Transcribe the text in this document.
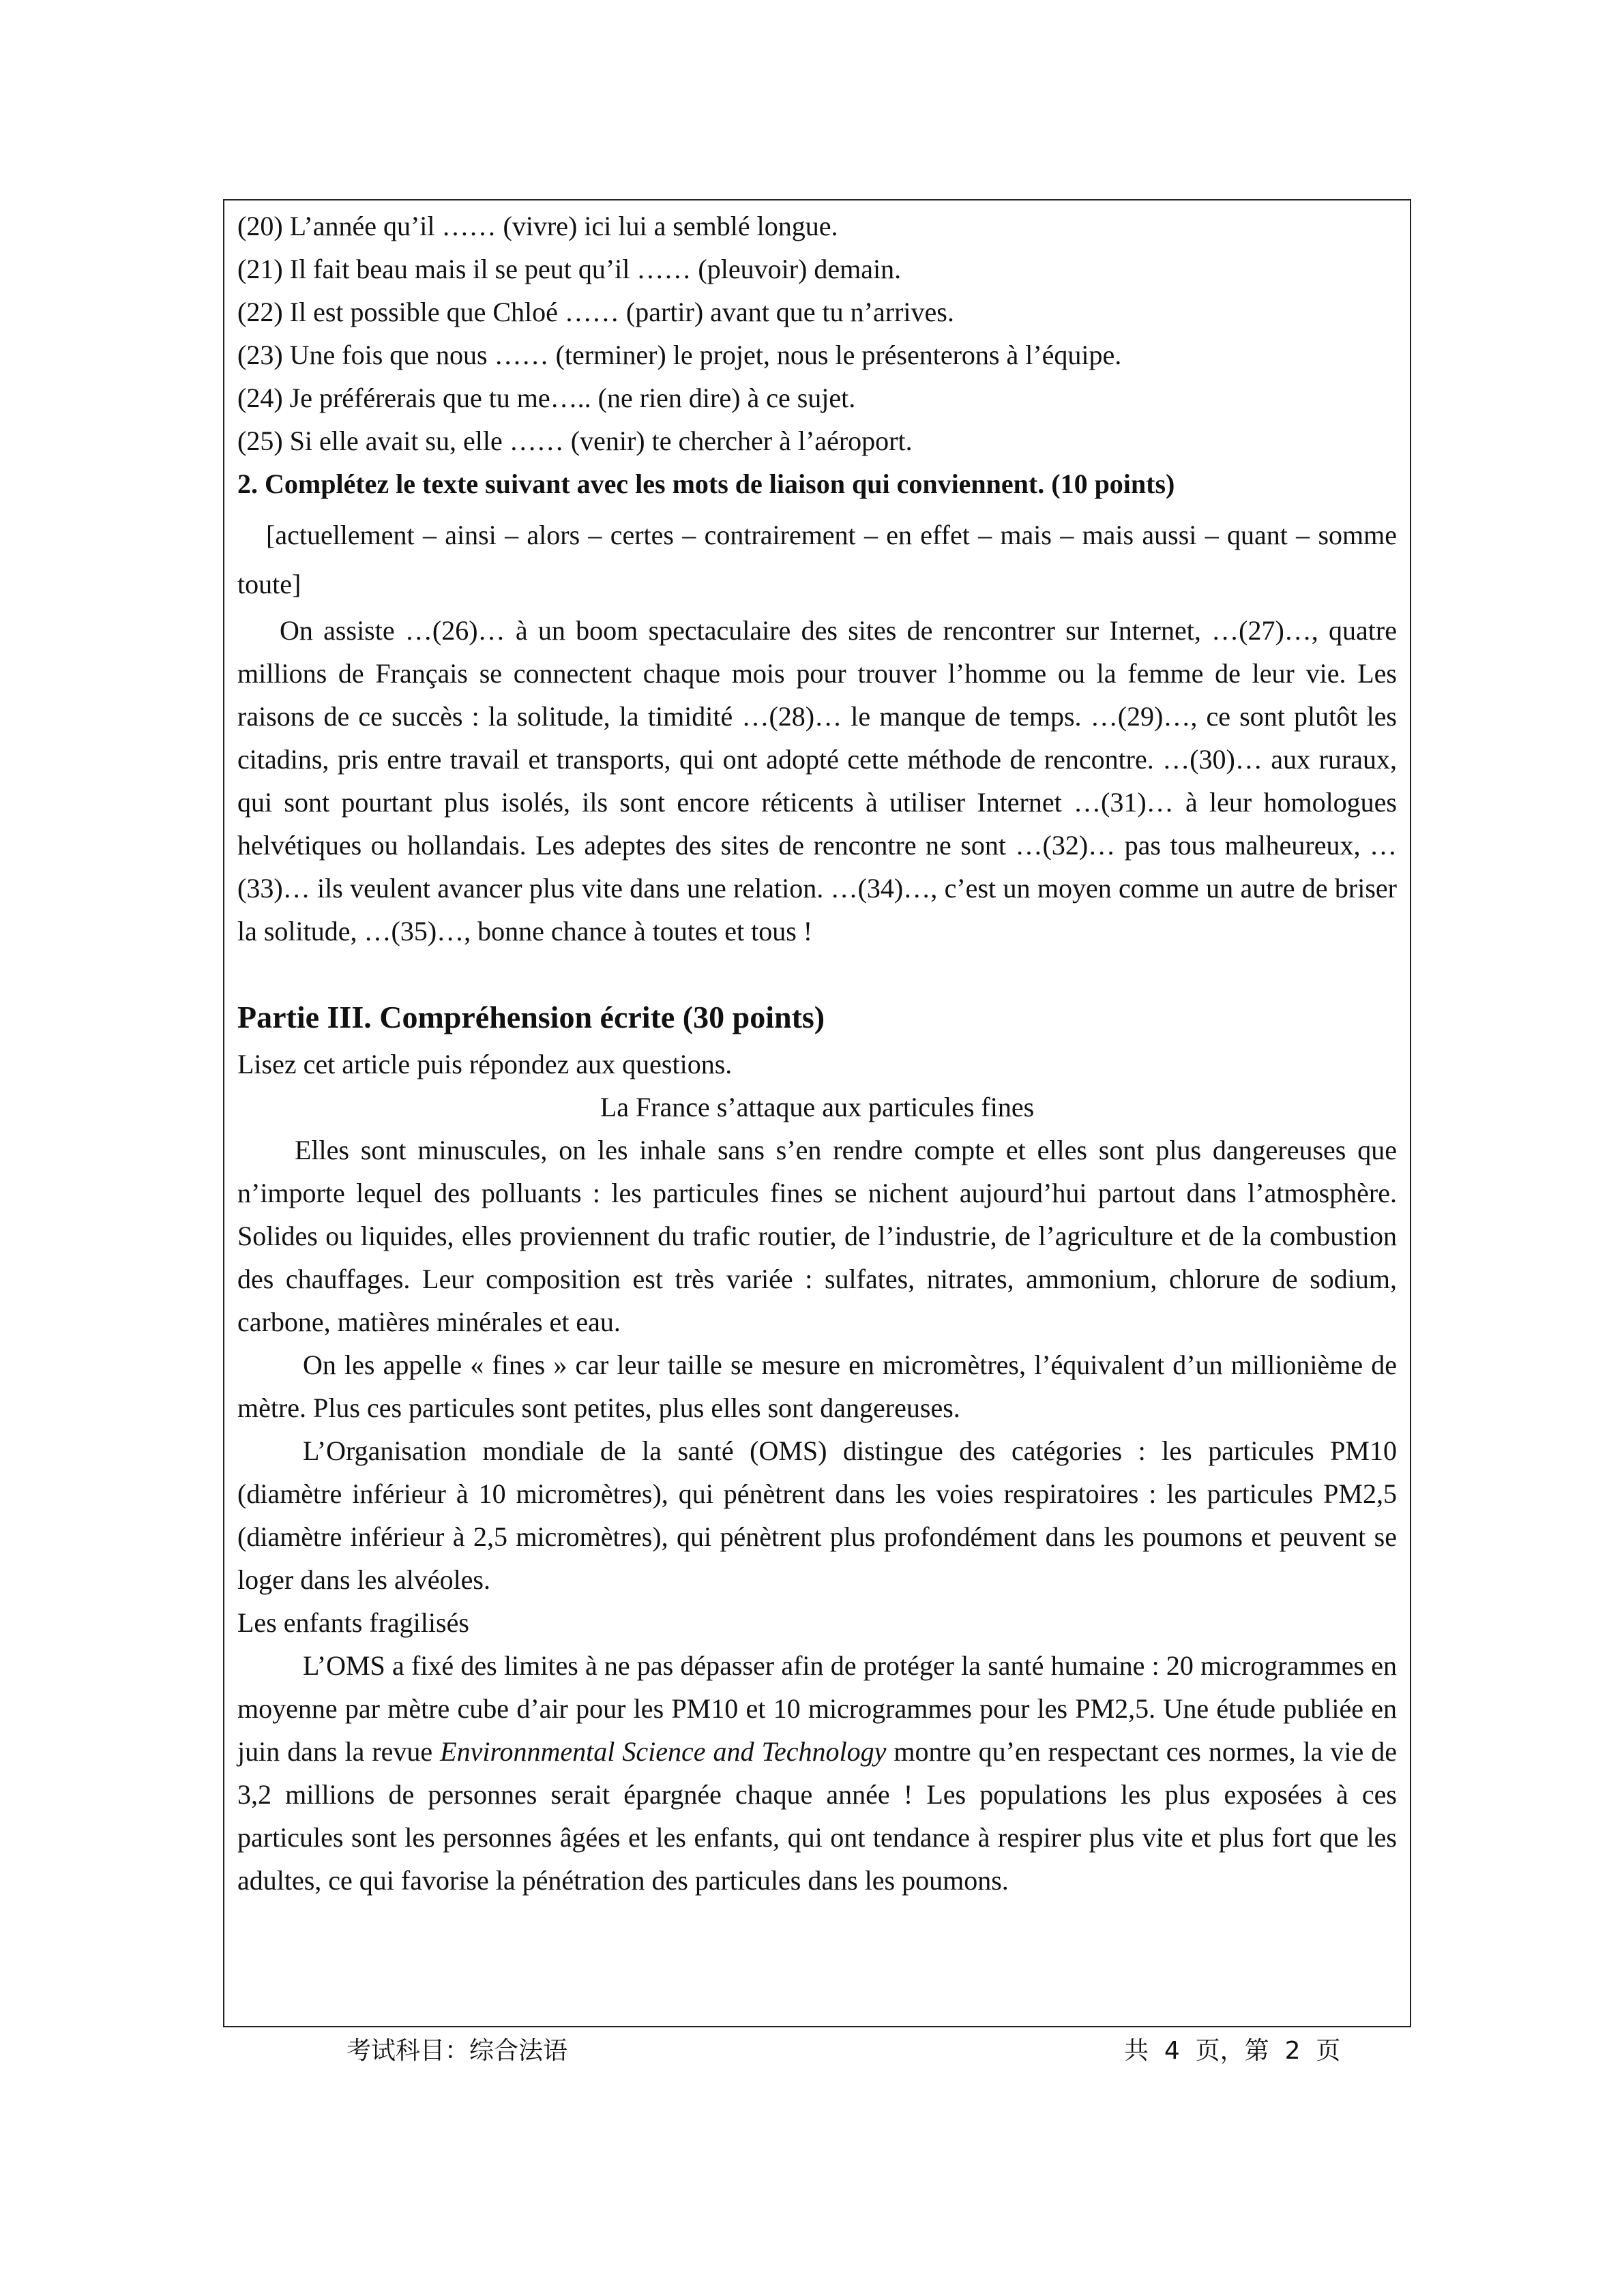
(20) L’année qu’il …… (vivre) ici lui a semblé longue.

(21) Il fait beau mais il se peut qu’il …… (pleuvoir) demain.

(22) Il est possible que Chloé …… (partir) avant que tu n’arrives.

(23) Une fois que nous …… (terminer) le projet, nous le présenterons à l’équipe.

(24) Je préférerais que tu me….. (ne rien dire) à ce sujet.

(25) Si elle avait su, elle …… (venir) te chercher à l’aéroport.

2. Complétez le texte suivant avec les mots de liaison qui conviennent. (10 points)

[actuellement – ainsi – alors – certes – contrairement – en effet – mais – mais aussi – quant – somme toute]

On assiste …(26)… à un boom spectaculaire des sites de rencontrer sur Internet, …(27)…, quatre millions de Français se connectent chaque mois pour trouver l’homme ou la femme de leur vie. Les raisons de ce succès : la solitude, la timidité …(28)… le manque de temps. …(29)…, ce sont plutôt les citadins, pris entre travail et transports, qui ont adopté cette méthode de rencontre. …(30)… aux ruraux, qui sont pourtant plus isolés, ils sont encore réticents à utiliser Internet …(31)… à leur homologues helvétiques ou hollandais. Les adeptes des sites de rencontre ne sont …(32)… pas tous malheureux, …(33)… ils veulent avancer plus vite dans une relation. …(34)…, c’est un moyen comme un autre de briser la solitude, …(35)…, bonne chance à toutes et tous !

Partie III. Compréhension écrite (30 points)

Lisez cet article puis répondez aux questions.

La France s’attaque aux particules fines

Elles sont minuscules, on les inhale sans s’en rendre compte et elles sont plus dangereuses que n’importe lequel des polluants : les particules fines se nichent aujourd’hui partout dans l’atmosphère. Solides ou liquides, elles proviennent du trafic routier, de l’industrie, de l’agriculture et de la combustion des chauffages. Leur composition est très variée : sulfates, nitrates, ammonium, chlorure de sodium, carbone, matières minérales et eau.

On les appelle « fines » car leur taille se mesure en micromètres, l’équivalent d’un millionième de mètre. Plus ces particules sont petites, plus elles sont dangereuses.

L’Organisation mondiale de la santé (OMS) distingue des catégories : les particules PM10 (diamètre inférieur à 10 micromètres), qui pénètrent dans les voies respiratoires : les particules PM2,5 (diamètre inférieur à 2,5 micromètres), qui pénètrent plus profondément dans les poumons et peuvent se loger dans les alvéoles.

Les enfants fragilisés

L’OMS a fixé des limites à ne pas dépasser afin de protéger la santé humaine : 20 microgrammes en moyenne par mètre cube d’air pour les PM10 et 10 microgrammes pour les PM2,5. Une étude publiée en juin dans la revue Environnmental Science and Technology montre qu’en respectant ces normes, la vie de 3,2 millions de personnes serait épargnée chaque année ! Les populations les plus exposées à ces particules sont les personnes âgées et les enfants, qui ont tendance à respirer plus vite et plus fort que les adultes, ce qui favorise la pénétration des particules dans les poumons.

考试科目：综合法语	共  4  页，第  2  页
